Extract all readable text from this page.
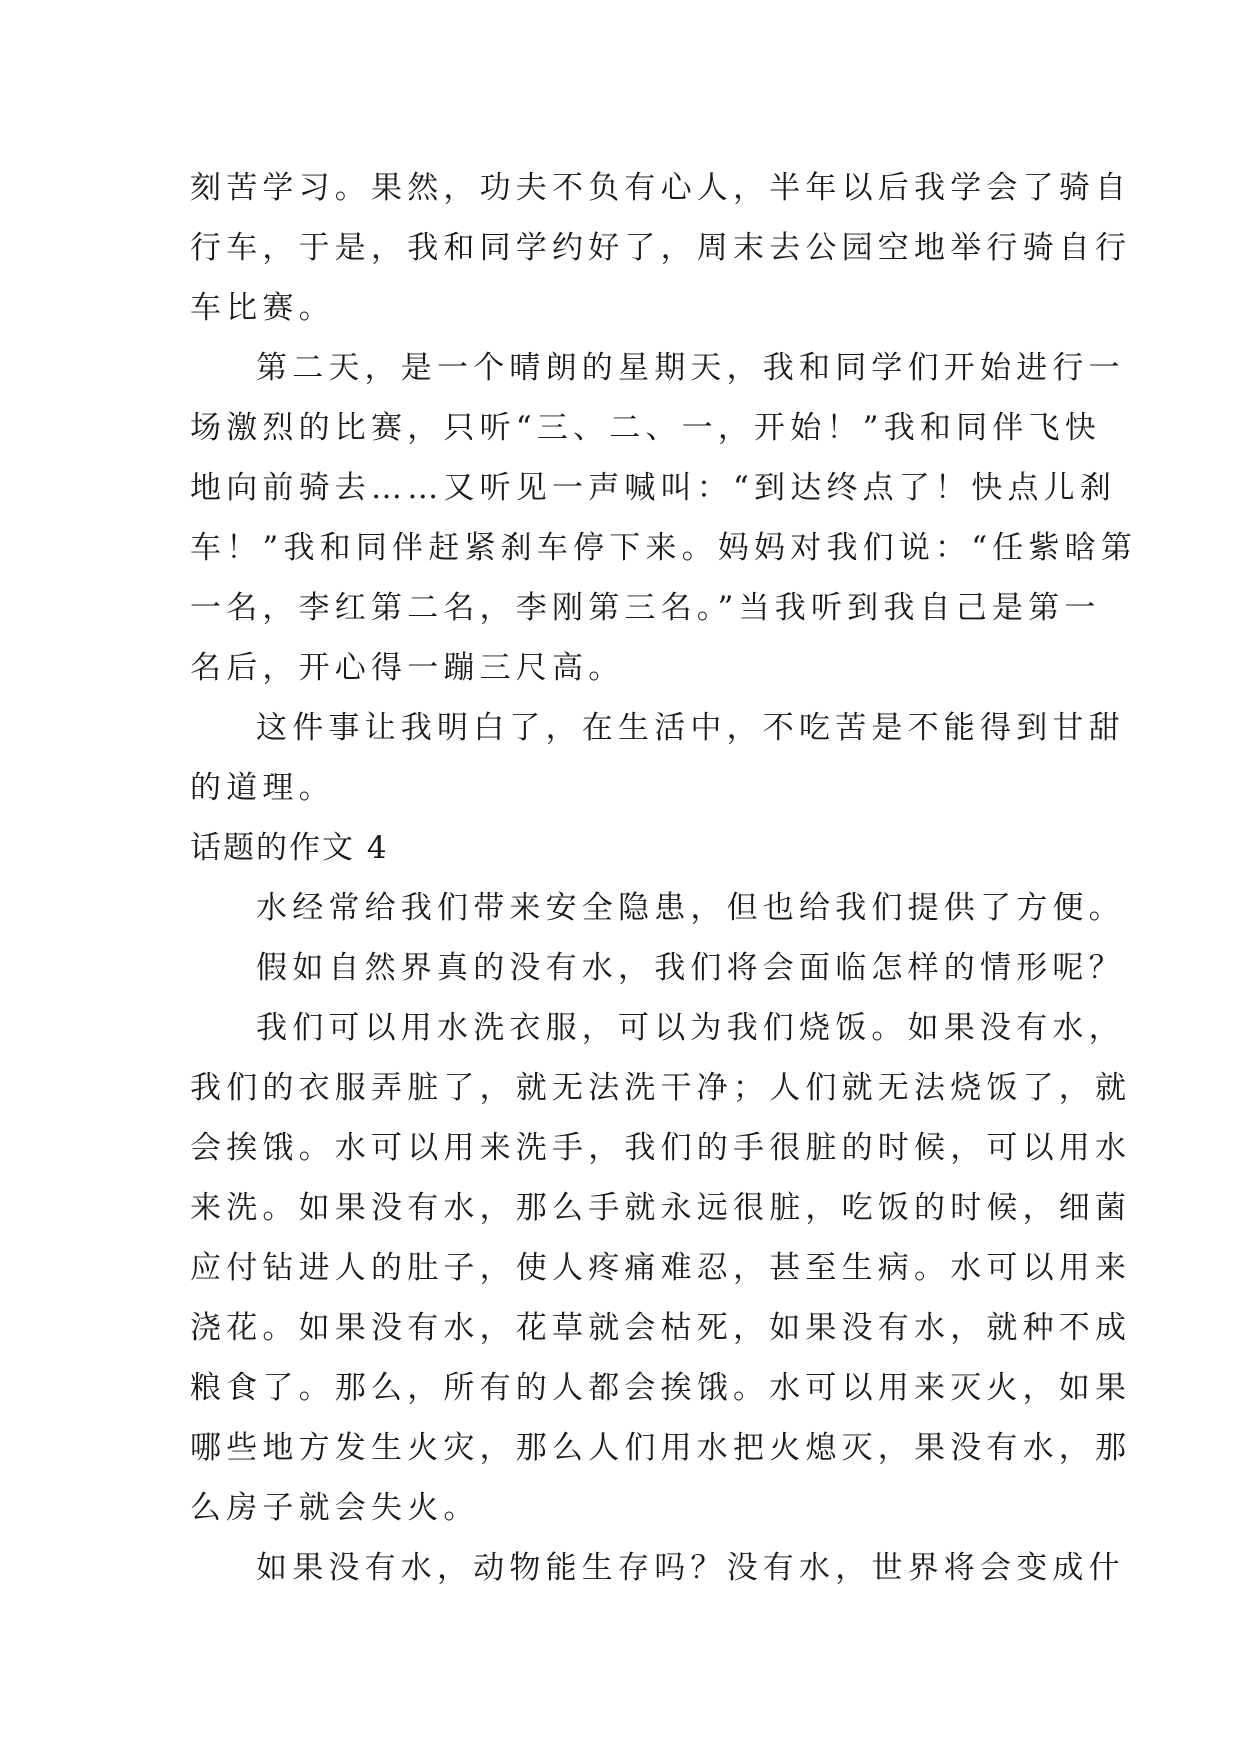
刻苦学习。果然，功夫不负有心人，半年以后我学会了骑自
行车，于是，我和同学约好了，周末去公园空地举行骑自行
车比赛。
第二天，是一个晴朗的星期天，我和同学们开始进行一
场激烈的比赛，只听“三、二、一，开始！”我和同伴飞快
地向前骑去……又听见一声喊叫：“到达终点了！快点儿刹
车！”我和同伴赶紧刹车停下来。妈妈对我们说：“任紫晗第
一名，李红第二名，李刚第三名。”当我听到我自己是第一
名后，开心得一蹦三尺高。
这件事让我明白了，在生活中，不吃苦是不能得到甘甜
的道理。
话题的作文 4
水经常给我们带来安全隐患，但也给我们提供了方便。
假如自然界真的没有水，我们将会面临怎样的情形呢？
我们可以用水洗衣服，可以为我们烧饭。如果没有水，
我们的衣服弄脏了，就无法洗干净；人们就无法烧饭了，就
会挨饿。水可以用来洗手，我们的手很脏的时候，可以用水
来洗。如果没有水，那么手就永远很脏，吃饭的时候，细菌
应付钻进人的肚子，使人疼痛难忍，甚至生病。水可以用来
浇花。如果没有水，花草就会枯死，如果没有水，就种不成
粮食了。那么，所有的人都会挨饿。水可以用来灭火，如果
哪些地方发生火灾，那么人们用水把火熄灭，果没有水，那
么房子就会失火。
如果没有水，动物能生存吗？没有水，世界将会变成什
